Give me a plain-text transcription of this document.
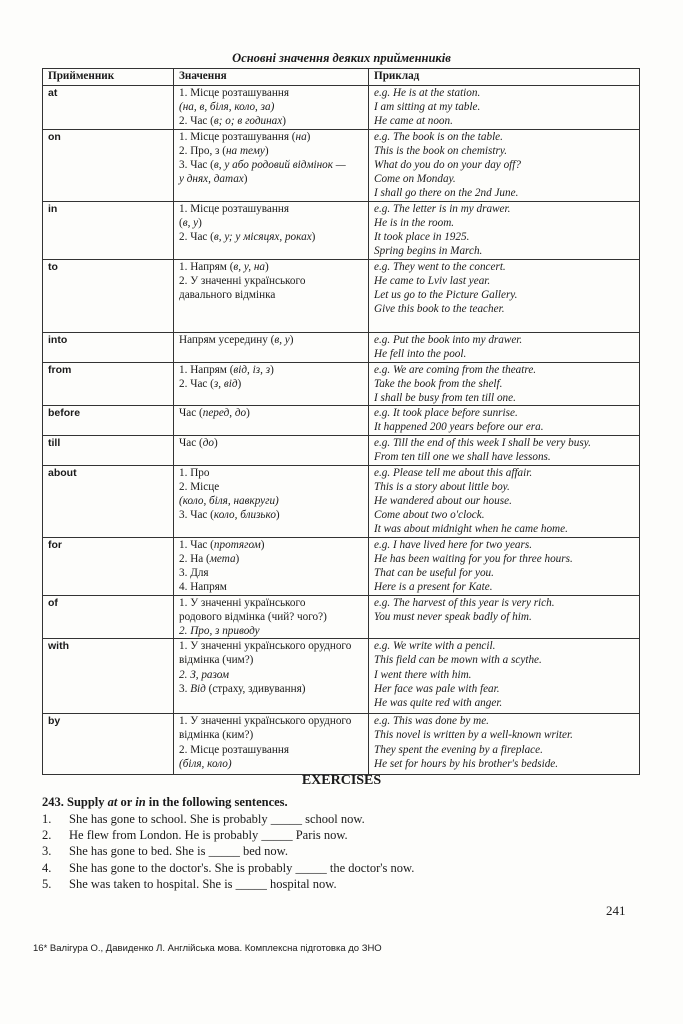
Основні значення деяких прийменників
Прийменник	Значення	Приклад
at	1. Місце розташування
(на, в, біля, коло, за)
2. Час (в; о; в годинах)	e.g. He is at the station.
I am sitting at my table.
He came at noon.

on	1. Місце розташування (на)
2. Про, з (на тему)
3. Час (в, у або родовий відмінок —
у днях, датах)	e.g. The book is on the table.
This is the book on chemistry.
What do you do on your day off?
Come on Monday.
I shall go there on the 2nd June.

in	1. Місце розташування
(в, у)
2. Час (в, у; у місяцях, роках)	e.g. The letter is in my drawer.
He is in the room.
It took place in 1925.
Spring begins in March.

to	1. Напрям (в, у, на)
2. У значенні українського
давального відмінка	e.g. They went to the concert.
He came to Lviv last year.
Let us go to the Picture Gallery.
Give this book to the teacher.

into	Напрям усередину (в, у)	e.g. Put the book into my drawer.
He fell into the pool.

from	1. Напрям (від, із, з)
2. Час (з, від)	e.g. We are coming from the theatre.
Take the book from the shelf.
I shall be busy from ten till one.

before	Час (перед, до)	e.g. It took place before sunrise.
It happened 200 years before our era.

till	Час (до)	e.g. Till the end of this week I shall be very busy.
From ten till one we shall have lessons.

about	1. Про
2. Місце
(коло, біля, навкруги)
3. Час (коло, близько)	e.g. Please tell me about this affair.
This is a story about little boy.
He wandered about our house.
Come about two o'clock.
It was about midnight when he came home.

for	1. Час (протягом)
2. На (мета)
3. Для
4. Напрям	e.g. I have lived here for two years.
He has been waiting for you for three hours.
That can be useful for you.
Here is a present for Kate.

of	1. У значенні українського
родового відмінка (чий? чого?)
2. Про, з приводу	e.g. The harvest of this year is very rich.
You must never speak badly of him.

with	1. У значенні українського орудного
відмінка (чим?)
2. З, разом
3. Від (страху, здивування)	e.g. We write with a pencil.
This field can be mown with a scythe.
I went there with him.
Her face was pale with fear.
He was quite red with anger.

by	1. У значенні українського орудного
відмінка (ким?)
2. Місце розташування
(біля, коло)	e.g. This was done by me.
This novel is written by a well-known writer.
They spent the evening by a fireplace.
He set for hours by his brother's bedside.
EXERCISES
243. Supply at or in in the following sentences.
1.	She has gone to school. She is probably _____ school now.
2.	He flew from London. He is probably _____ Paris now.
3.	She has gone to bed. She is _____ bed now.
4.	She has gone to the doctor's. She is probably _____ the doctor's now.
5.	She was taken to hospital. She is _____ hospital now.
241
16* Валігура О., Давиденко Л. Англійська мова. Комплексна підготовка до ЗНО
